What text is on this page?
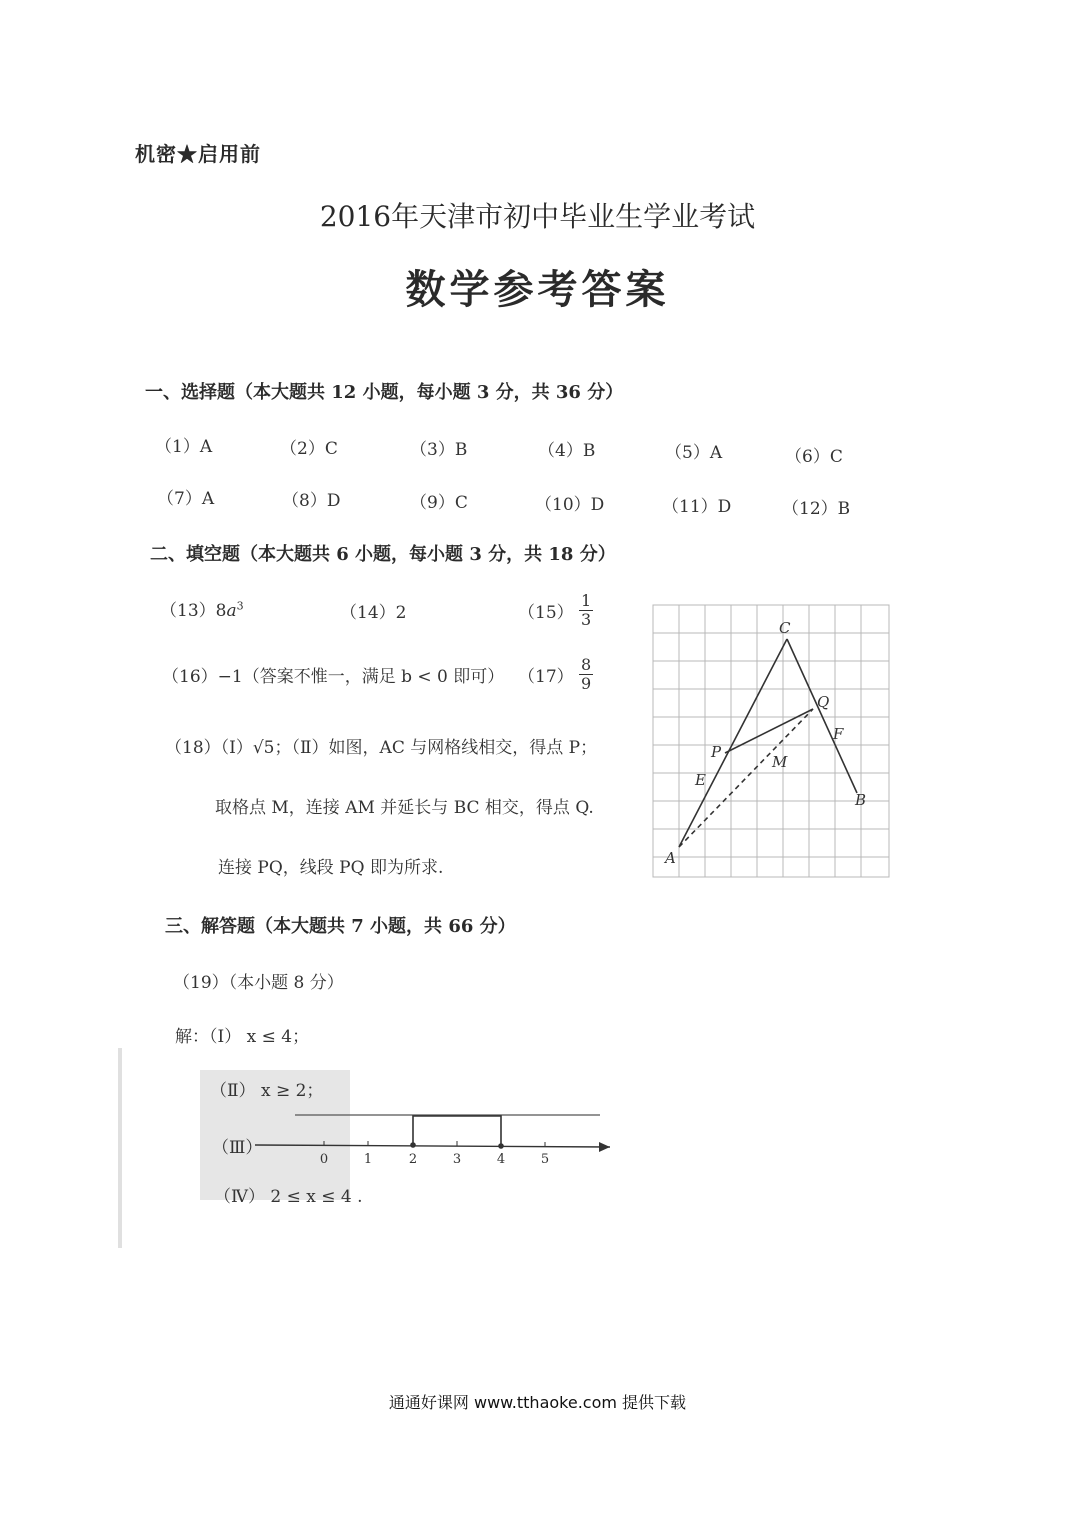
机密★启用前
2016年天津市初中毕业生学业考试
数学参考答案
一、选择题（本大题共 12 小题，每小题 3 分，共 36 分）
（1）A	（2）C	（3）B	（4）B	（5）A	（6）C
（7）A	（8）D	（9）C	（10）D	（11）D	（12）B
二、填空题（本大题共 6 小题，每小题 3 分，共 18 分）
$(13)8a^3$	（14）2	$(15) \frac{1}{3}$
（16）−1（答案不惟一，满足 b < 0 即可） $(17) \frac{8}{9}$
（18）（Ⅰ）√5；（Ⅱ）如图，AC 与网格线相交，得点 P；
取格点 M，连接 AM 并延长与 BC 相交，得点 Q.
连接 PQ，线段 PQ 即为所求.
C
Q
F
P
M
E
B
A
三、解答题（本大题共 7 小题，共 66 分）
（19）（本小题 8 分）
解：（Ⅰ） x ≤ 4；
（Ⅱ） x ≥ 2；
（Ⅲ）
0	1	2	3	4	5
（Ⅳ） 2 ≤ x ≤ 4 .
通通好课网 www.tthaoke.com 提供下载
